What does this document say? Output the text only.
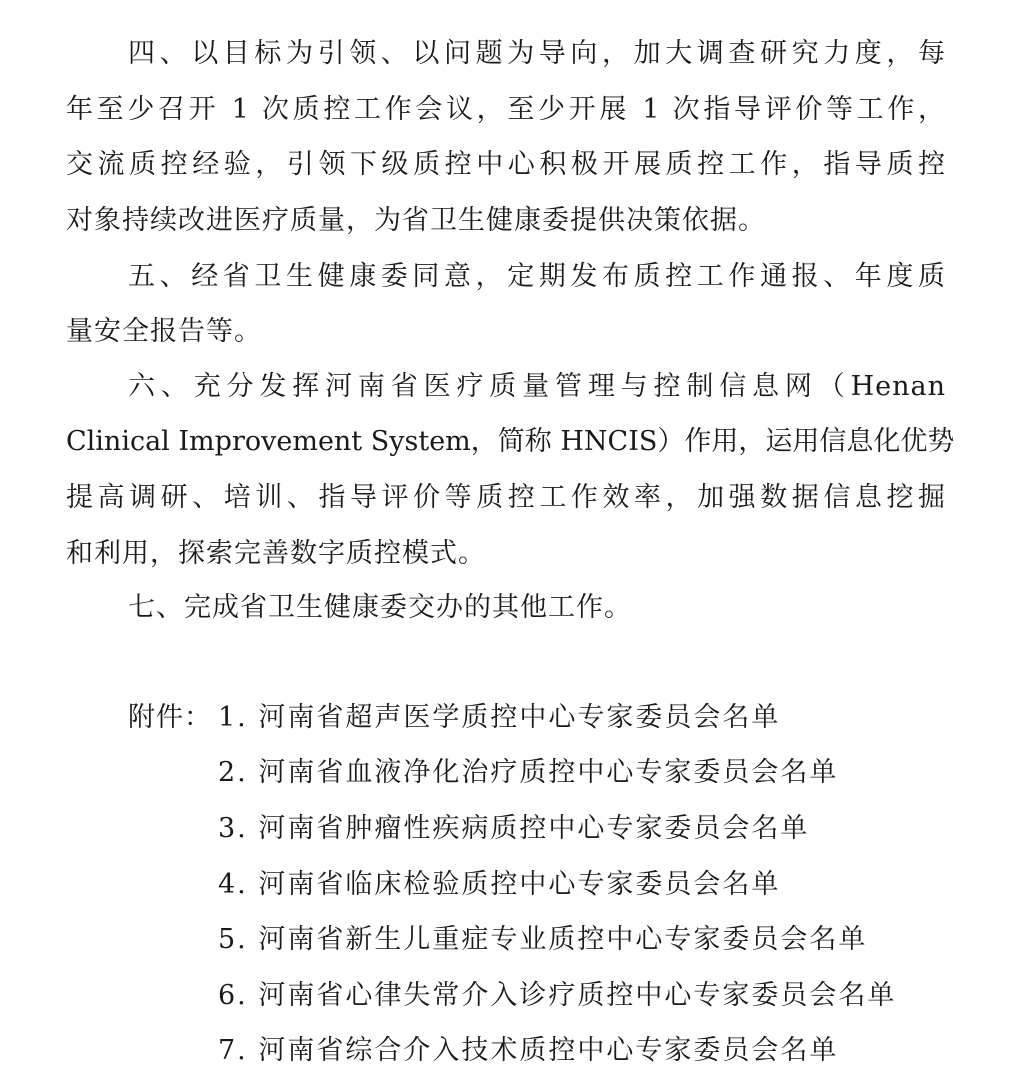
四、以目标为引领、以问题为导向，加大调查研究力度，每
年至少召开 1 次质控工作会议，至少开展 1 次指导评价等工作，
交流质控经验，引领下级质控中心积极开展质控工作，指导质控
对象持续改进医疗质量，为省卫生健康委提供决策依据。
五、经省卫生健康委同意，定期发布质控工作通报、年度质
量安全报告等。
六、充分发挥河南省医疗质量管理与控制信息网（Henan
Clinical Improvement System，简称 HNCIS）作用，运用信息化优势
提高调研、培训、指导评价等质控工作效率，加强数据信息挖掘
和利用，探索完善数字质控模式。
七、完成省卫生健康委交办的其他工作。
附件： 1. 河南省超声医学质控中心专家委员会名单
2. 河南省血液净化治疗质控中心专家委员会名单
3. 河南省肿瘤性疾病质控中心专家委员会名单
4. 河南省临床检验质控中心专家委员会名单
5. 河南省新生儿重症专业质控中心专家委员会名单
6. 河南省心律失常介入诊疗质控中心专家委员会名单
7. 河南省综合介入技术质控中心专家委员会名单
